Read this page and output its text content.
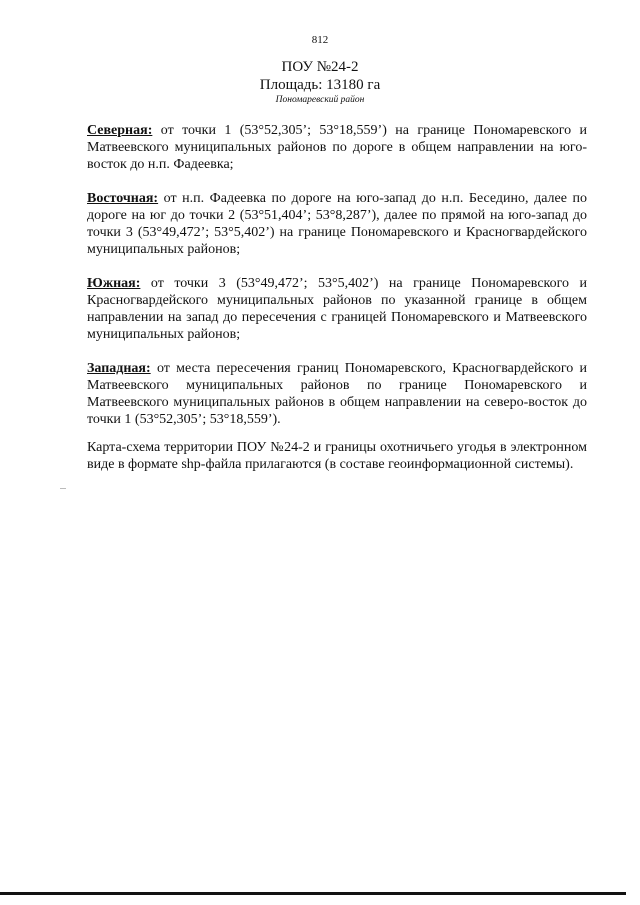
812
ПОУ №24-2
Площадь: 13180 га
Пономаревский район

Северная: от точки 1 (53°52,305’; 53°18,559’) на границе Пономаревского и Матвеевского муниципальных районов по дороге в общем направлении на юго-восток до н.п. Фадеевка;

Восточная: от н.п. Фадеевка по дороге на юго-запад до н.п. Беседино, далее по дороге на юг до точки 2 (53°51,404’; 53°8,287’), далее по прямой на юго-запад до точки 3 (53°49,472’; 53°5,402’) на границе Пономаревского и Красногвардейского муниципальных районов;

Южная: от точки 3 (53°49,472’; 53°5,402’) на границе Пономаревского и Красногвардейского муниципальных районов по указанной границе в общем направлении на запад до пересечения с границей Пономаревского и Матвеевского муниципальных районов;

Западная: от места пересечения границ Пономаревского, Красногвардейского и Матвеевского муниципальных районов по границе Пономаревского и Матвеевского муниципальных районов в общем направлении на северо-восток до точки 1 (53°52,305’; 53°18,559’).

Карта-схема территории ПОУ №24-2 и границы охотничьего угодья в электронном виде в формате shp-файла прилагаются (в составе геоинформационной системы).
